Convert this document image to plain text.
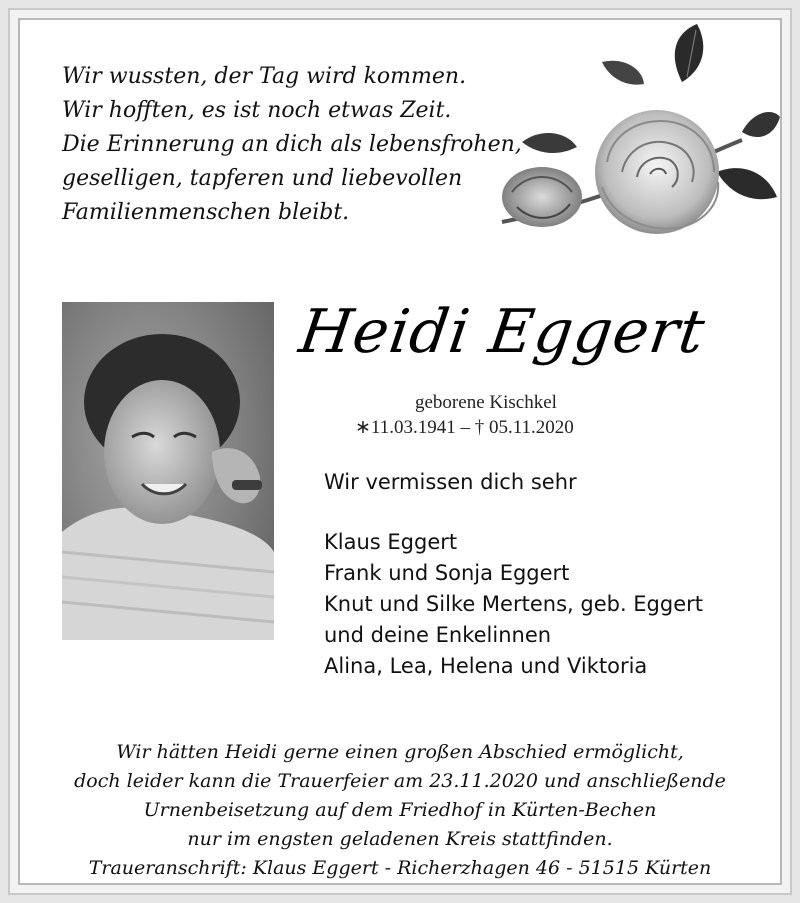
Wir wussten, der Tag wird kommen.
Wir hofften, es ist noch etwas Zeit.
Die Erinnerung an dich als lebensfrohen,
geselligen, tapferen und liebevollen
Familienmenschen bleibt.
Heidi Eggert
geborene Kischkel
∗11.03.1941 – † 05.11.2020
Wir vermissen dich sehr
Klaus Eggert
Frank und Sonja Eggert
Knut und Silke Mertens, geb. Eggert
und deine Enkelinnen
Alina, Lea, Helena und Viktoria
Wir hätten Heidi gerne einen großen Abschied ermöglicht,
doch leider kann die Trauerfeier am 23.11.2020 und anschließende
Urnenbeisetzung auf dem Friedhof in Kürten-Bechen
nur im engsten geladenen Kreis stattfinden.
Traueranschrift: Klaus Eggert - Richerzhagen 46 - 51515 Kürten
